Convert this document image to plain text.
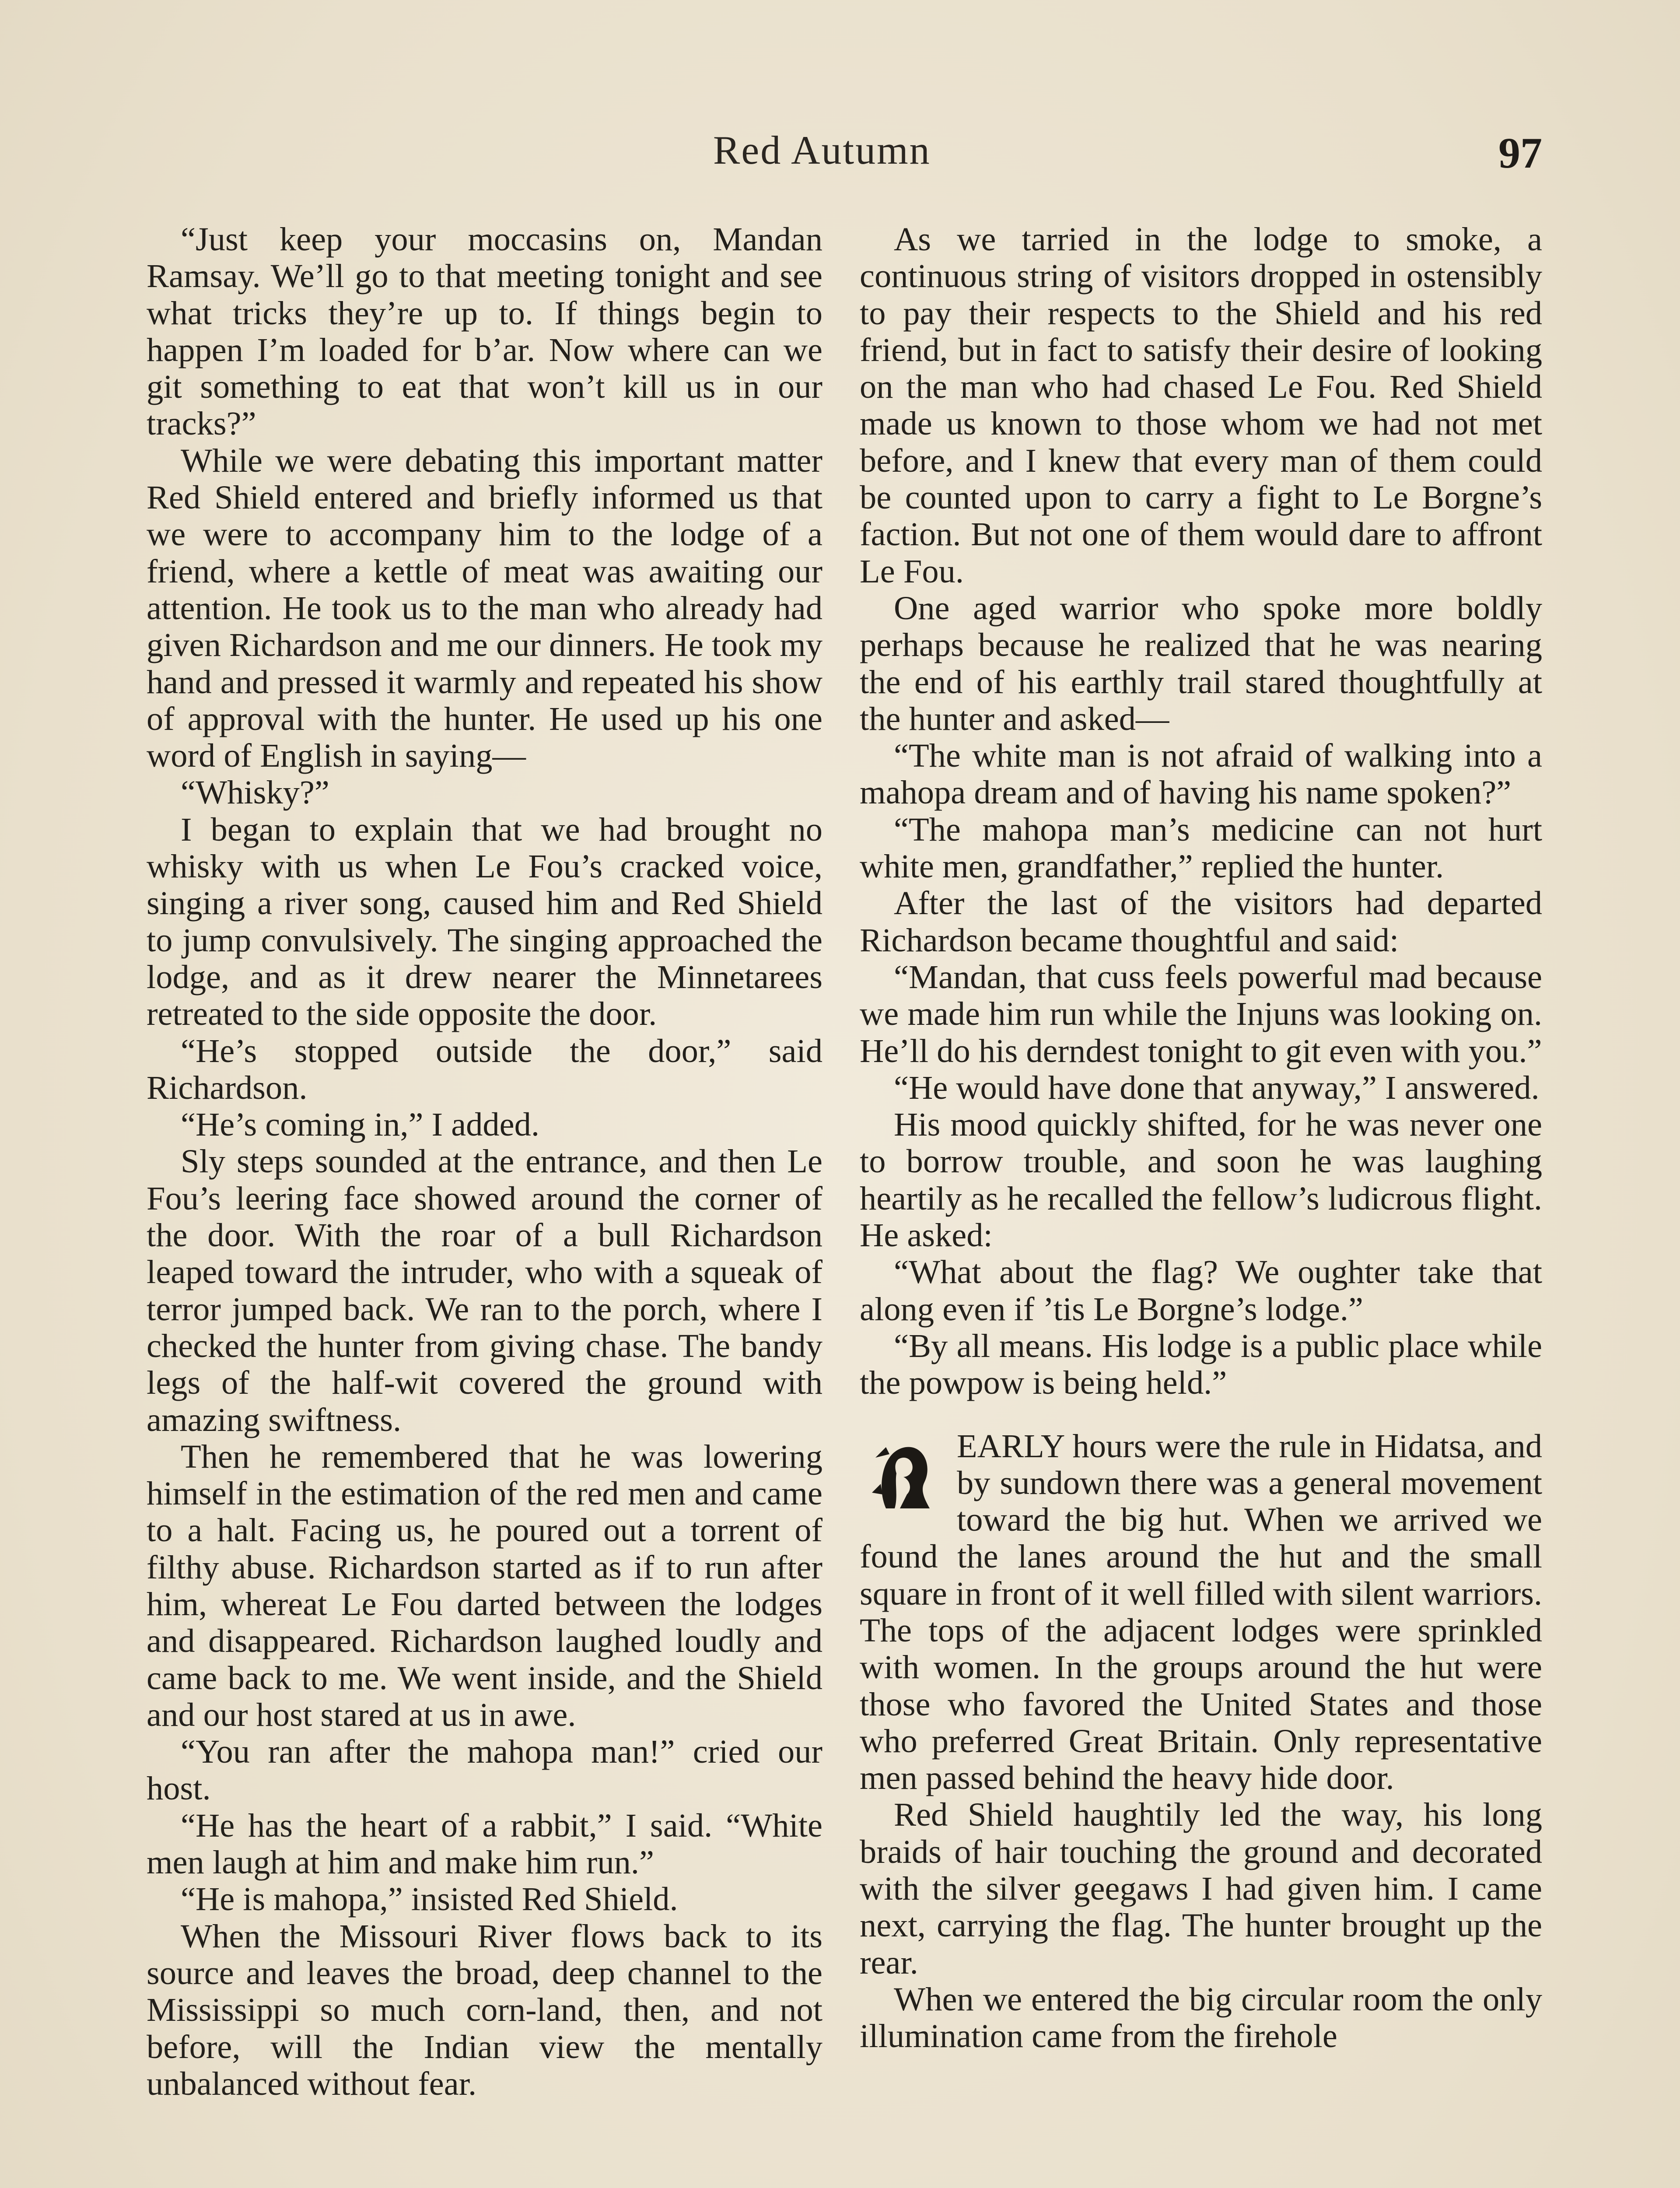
Red Autumn	97

“Just keep your moccasins on, Mandan Ramsay. We’ll go to that meeting tonight and see what tricks they’re up to. If things begin to happen I’m loaded for b’ar. Now where can we git something to eat that won’t kill us in our tracks?”

While we were debating this important matter Red Shield entered and briefly informed us that we were to accompany him to the lodge of a friend, where a kettle of meat was awaiting our attention. He took us to the man who already had given Richardson and me our dinners. He took my hand and pressed it warmly and repeated his show of approval with the hunter. He used up his one word of English in saying—

“Whisky?”

I began to explain that we had brought no whisky with us when Le Fou’s cracked voice, singing a river song, caused him and Red Shield to jump convulsively. The singing approached the lodge, and as it drew nearer the Minnetarees retreated to the side opposite the door.

“He’s stopped outside the door,” said Richardson.

“He’s coming in,” I added.

Sly steps sounded at the entrance, and then Le Fou’s leering face showed around the corner of the door. With the roar of a bull Richardson leaped toward the intruder, who with a squeak of terror jumped back. We ran to the porch, where I checked the hunter from giving chase. The bandy legs of the half-wit covered the ground with amazing swiftness.

Then he remembered that he was lowering himself in the estimation of the red men and came to a halt. Facing us, he poured out a torrent of filthy abuse. Richardson started as if to run after him, whereat Le Fou darted between the lodges and disappeared. Richardson laughed loudly and came back to me. We went inside, and the Shield and our host stared at us in awe.

“You ran after the mahopa man!” cried our host.

“He has the heart of a rabbit,” I said. “White men laugh at him and make him run.”

“He is mahopa,” insisted Red Shield.

When the Missouri River flows back to its source and leaves the broad, deep channel to the Mississippi so much corn-land, then, and not before, will the Indian view the mentally unbalanced without fear.

As we tarried in the lodge to smoke, a continuous string of visitors dropped in ostensibly to pay their respects to the Shield and his red friend, but in fact to satisfy their desire of looking on the man who had chased Le Fou. Red Shield made us known to those whom we had not met before, and I knew that every man of them could be counted upon to carry a fight to Le Borgne’s faction. But not one of them would dare to affront Le Fou.

One aged warrior who spoke more boldly perhaps because he realized that he was nearing the end of his earthly trail stared thoughtfully at the hunter and asked—

“The white man is not afraid of walking into a mahopa dream and of having his name spoken?”

“The mahopa man’s medicine can not hurt white men, grandfather,” replied the hunter.

After the last of the visitors had departed Richardson became thoughtful and said:

“Mandan, that cuss feels powerful mad because we made him run while the Injuns was looking on. He’ll do his derndest tonight to git even with you.”

“He would have done that anyway,” I answered.

His mood quickly shifted, for he was never one to borrow trouble, and soon he was laughing heartily as he recalled the fellow’s ludicrous flight. He asked:

“What about the flag? We oughter take that along even if ’tis Le Borgne’s lodge.”

“By all means. His lodge is a public place while the powpow is being held.”

EARLY hours were the rule in Hidatsa, and by sundown there was a general movement toward the big hut. When we arrived we found the lanes around the hut and the small square in front of it well filled with silent warriors. The tops of the adjacent lodges were sprinkled with women. In the groups around the hut were those who favored the United States and those who preferred Great Britain. Only representative men passed behind the heavy hide door.

Red Shield haughtily led the way, his long braids of hair touching the ground and decorated with the silver geegaws I had given him. I came next, carrying the flag. The hunter brought up the rear.

When we entered the big circular room the only illumination came from the firehole
